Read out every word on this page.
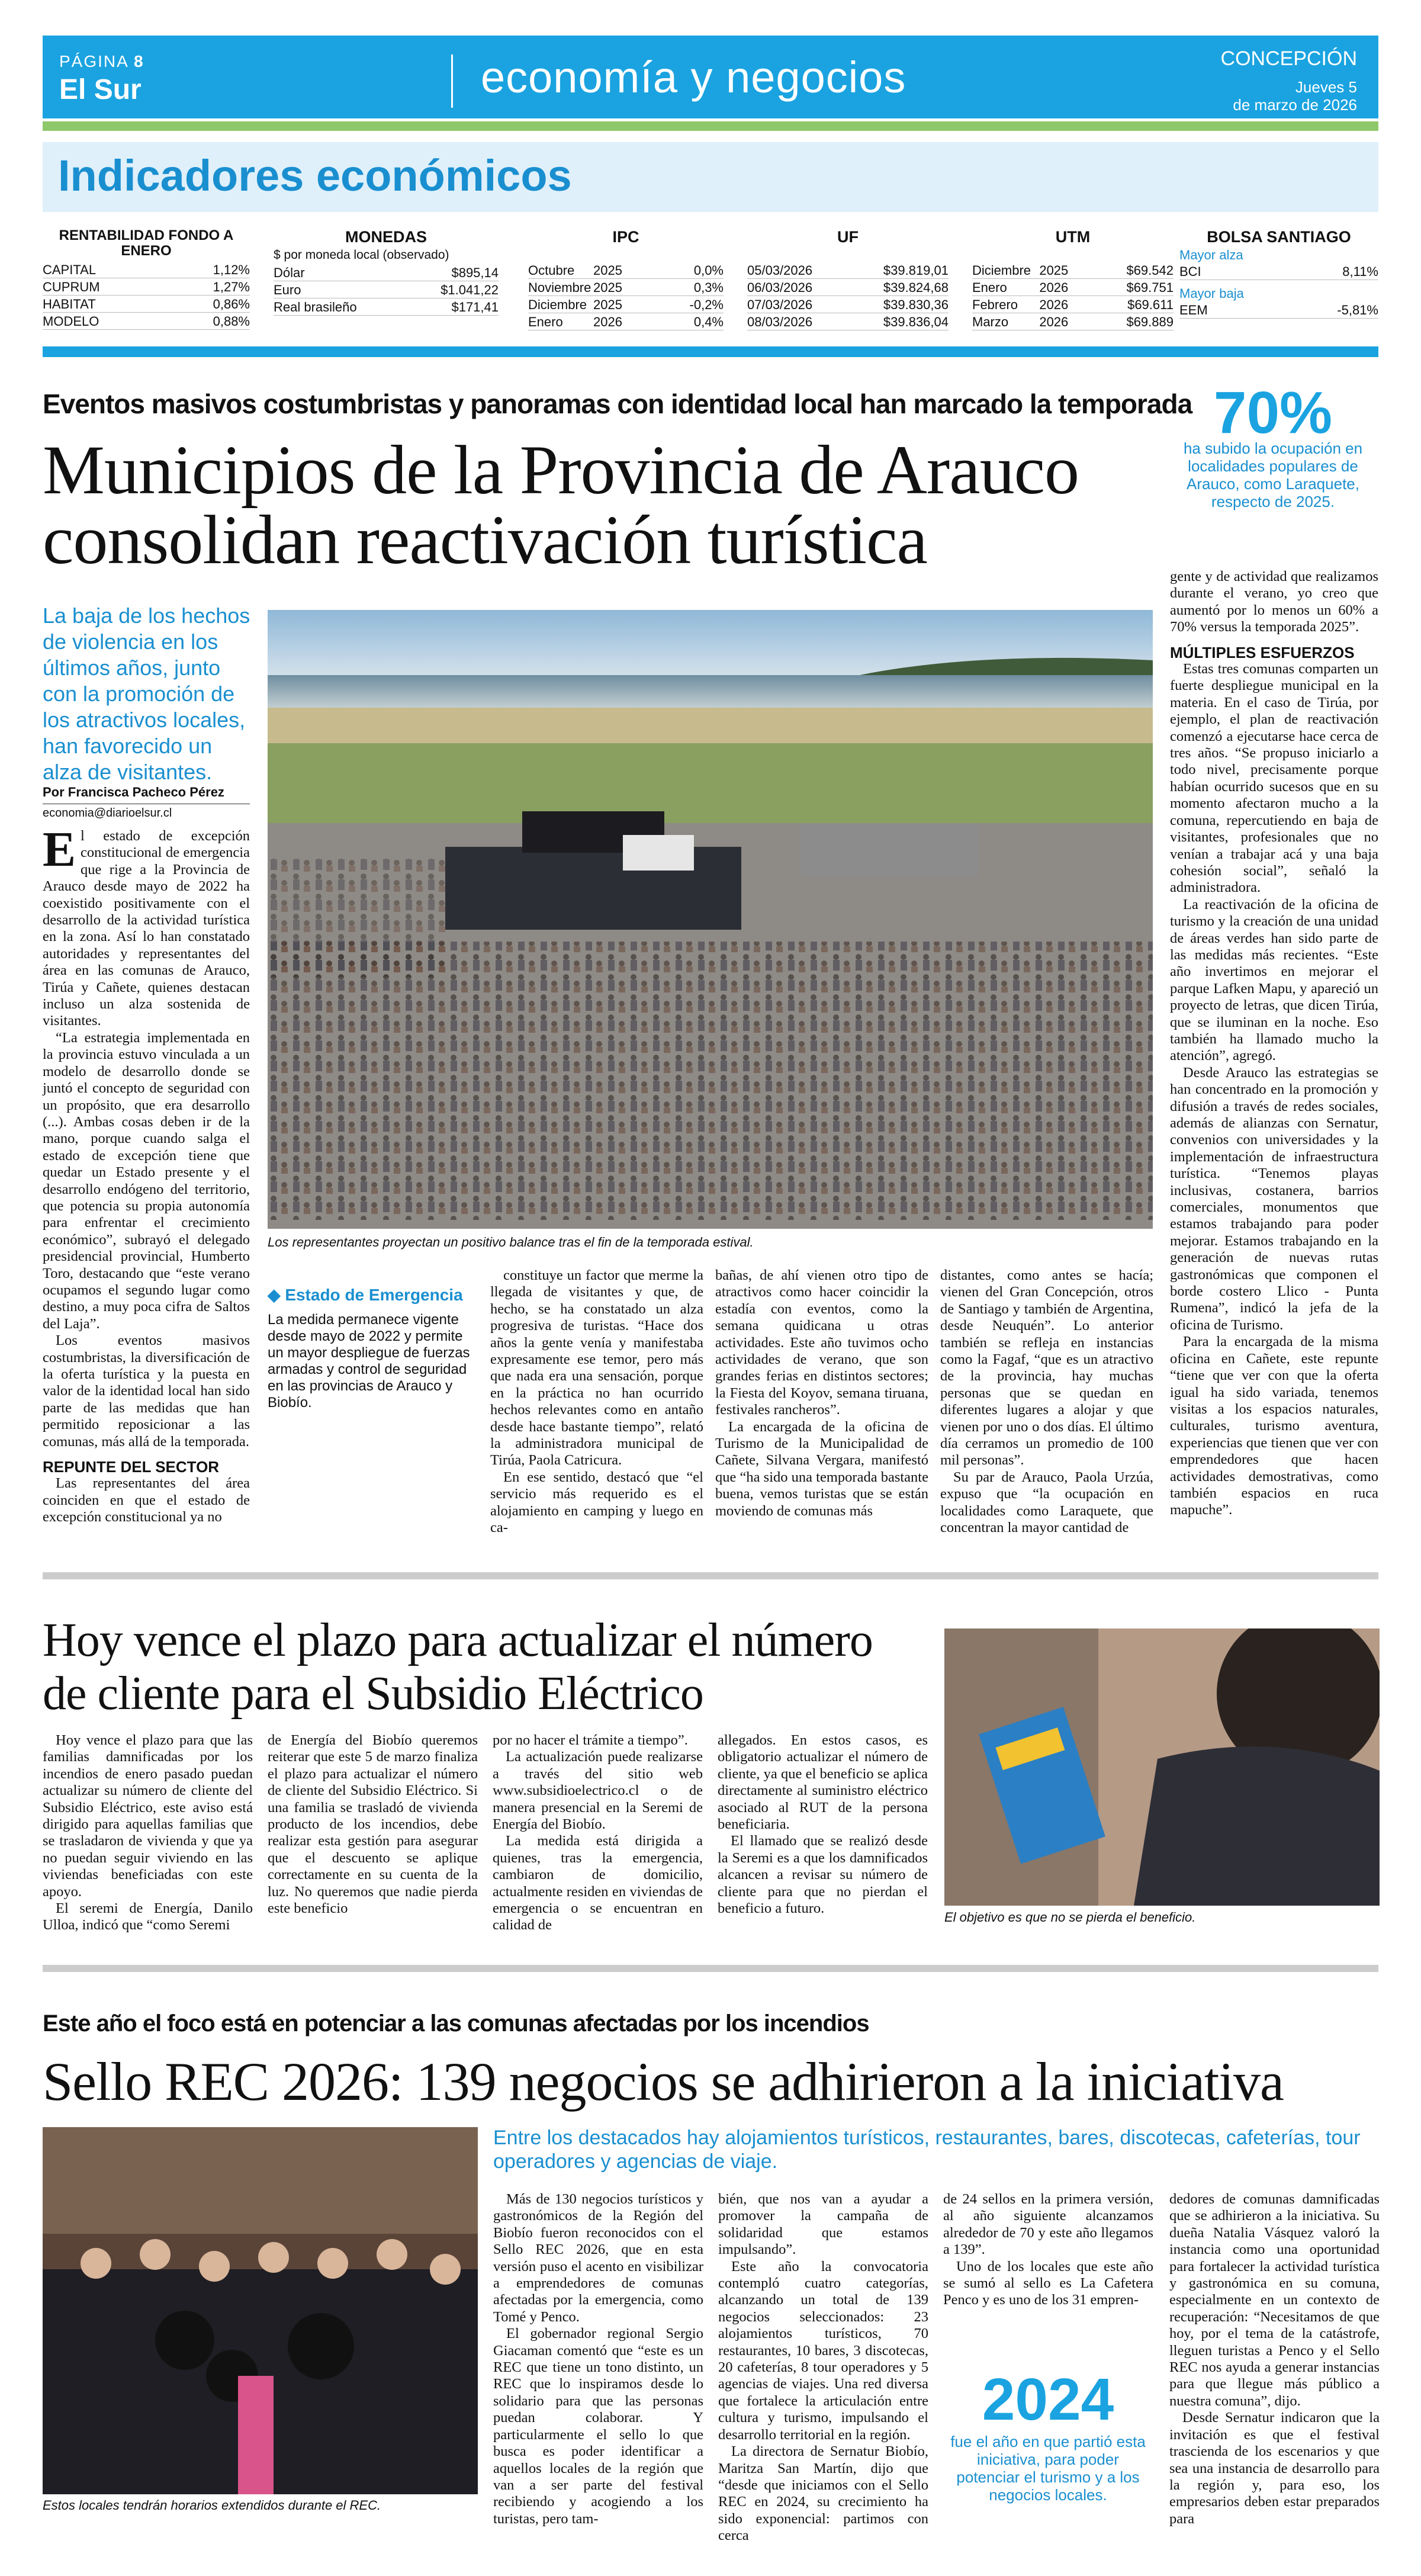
PÁGINA 8
El Sur	economía y negocios	CONCEPCIÓN
Jueves 5
de marzo de 2026
Indicadores económicos
RENTABILIDAD FONDO A ENERO
CAPITAL	1,12%
CUPRUM	1,27%
HABITAT	0,86%
MODELO	0,88%
MONEDAS
$ por moneda local (observado)
Dólar	$895,14
Euro	$1.041,22
Real brasileño	$171,41
IPC
Octubre	2025	0,0%
Noviembre 2025	0,3%
Diciembre 2025	-0,2%
Enero	2026	0,4%
UF
05/03/2026	$39.819,01
06/03/2026	$39.824,68
07/03/2026	$39.830,36
08/03/2026	$39.836,04
UTM
Diciembre 2025	$69.542
Enero	2026	$69.751
Febrero	2026	$69.611
Marzo	2026	$69.889
BOLSA SANTIAGO
Mayor alza
BCI	8,11%
Mayor baja
EEM	-5,81%
Eventos masivos costumbristas y panoramas con identidad local han marcado la temporada
Municipios de la Provincia de Arauco
consolidan reactivación turística
70%
ha subido la ocupación en localidades populares de Arauco, como Laraquete, respecto de 2025.
La baja de los hechos de violencia en los últimos años, junto con la promoción de los atractivos locales, han favorecido un alza de visitantes.
Por Francisca Pacheco Pérez
economia@diarioelsur.cl
Los representantes proyectan un positivo balance tras el fin de la temporada estival.

El estado de excepción constitucional de emergencia que rige a la Provincia de Arauco desde mayo de 2022 ha coexistido positivamente con el desarrollo de la actividad turística en la zona. Así lo han constatado autoridades y representantes del área en las comunas de Arauco, Tirúa y Cañete, quienes destacan incluso un alza sostenida de visitantes.

“La estrategia implementada en la provincia estuvo vinculada a un modelo de desarrollo donde se juntó el concepto de seguridad con un propósito, que era desarrollo (...). Ambas cosas deben ir de la mano, porque cuando salga el estado de excepción tiene que quedar un Estado presente y el desarrollo endógeno del territorio, que potencia su propia autonomía para enfrentar el crecimiento económico”, subrayó el delegado presidencial provincial, Humberto Toro, destacando que “este verano ocupamos el segundo lugar como destino, a muy poca cifra de Saltos del Laja”.

Los eventos masivos costumbristas, la diversificación de la oferta turística y la puesta en valor de la identidad local han sido parte de las medidas que han permitido reposicionar a las comunas, más allá de la temporada.

REPUNTE DEL SECTOR

Las representantes del área coinciden en que el estado de excepción constitucional ya no

◆ Estado de Emergencia
La medida permanece vigente desde mayo de 2022 y permite un mayor despliegue de fuerzas armadas y control de seguridad en las provincias de Arauco y Biobío.

constituye un factor que merme la llegada de visitantes y que, de hecho, se ha constatado un alza progresiva de turistas. “Hace dos años la gente venía y manifestaba expresamente ese temor, pero más que nada era una sensación, porque en la práctica no han ocurrido hechos relevantes como en antaño desde hace bastante tiempo”, relató la administradora municipal de Tirúa, Paola Catricura.

En ese sentido, destacó que “el servicio más requerido es el alojamiento en camping y luego en ca-

bañas, de ahí vienen otro tipo de atractivos como hacer coincidir la estadía con eventos, como la semana quidicana u otras actividades. Este año tuvimos ocho actividades de verano, que son grandes ferias en distintos sectores; la Fiesta del Koyov, semana tiruana, festivales rancheros”.

La encargada de la oficina de Turismo de la Municipalidad de Cañete, Silvana Vergara, manifestó que “ha sido una temporada bastante buena, vemos turistas que se están moviendo de comunas más

distantes, como antes se hacía; vienen del Gran Concepción, otros de Santiago y también de Argentina, desde Neuquén”. Lo anterior también se refleja en instancias como la Fagaf, “que es un atractivo de la provincia, hay muchas personas que se quedan en diferentes lugares a alojar y que vienen por uno o dos días. El último día cerramos un promedio de 100 mil personas”.

Su par de Arauco, Paola Urzúa, expuso que “la ocupación en localidades como Laraquete, que concentran la mayor cantidad de

gente y de actividad que realizamos durante el verano, yo creo que aumentó por lo menos un 60% a 70% versus la temporada 2025”.

MÚLTIPLES ESFUERZOS

Estas tres comunas comparten un fuerte despliegue municipal en la materia. En el caso de Tirúa, por ejemplo, el plan de reactivación comenzó a ejecutarse hace cerca de tres años. “Se propuso iniciarlo a todo nivel, precisamente porque habían ocurrido sucesos que en su momento afectaron mucho a la comuna, repercutiendo en baja de visitantes, profesionales que no venían a trabajar acá y una baja cohesión social”, señaló la administradora.

La reactivación de la oficina de turismo y la creación de una unidad de áreas verdes han sido parte de las medidas más recientes. “Este año invertimos en mejorar el parque Lafken Mapu, y apareció un proyecto de letras, que dicen Tirúa, que se iluminan en la noche. Eso también ha llamado mucho la atención”, agregó.

Desde Arauco las estrategias se han concentrado en la promoción y difusión a través de redes sociales, además de alianzas con Sernatur, convenios con universidades y la implementación de infraestructura turística. “Tenemos playas inclusivas, costanera, barrios comerciales, monumentos que estamos trabajando para poder mejorar. Estamos trabajando en la generación de nuevas rutas gastronómicas que componen el borde costero Llico - Punta Rumena”, indicó la jefa de la oficina de Turismo.

Para la encargada de la misma oficina en Cañete, este repunte “tiene que ver con que la oferta igual ha sido variada, tenemos visitas a los espacios naturales, culturales, turismo aventura, experiencias que tienen que ver con emprendedores que hacen actividades demostrativas, como también espacios en ruca mapuche”.

Hoy vence el plazo para actualizar el número
de cliente para el Subsidio Eléctrico

Hoy vence el plazo para que las familias damnificadas por los incendios de enero pasado puedan actualizar su número de cliente del Subsidio Eléctrico, este aviso está dirigido para aquellas familias que se trasladaron de vivienda y que ya no puedan seguir viviendo en las viviendas beneficiadas con este apoyo.

El seremi de Energía, Danilo Ulloa, indicó que “como Seremi

de Energía del Biobío queremos reiterar que este 5 de marzo finaliza el plazo para actualizar el número de cliente del Subsidio Eléctrico. Si una familia se trasladó de vivienda producto de los incendios, debe realizar esta gestión para asegurar que el descuento se aplique correctamente en su cuenta de la luz. No queremos que nadie pierda este beneficio

por no hacer el trámite a tiempo”.

La actualización puede realizarse a través del sitio web www.subsidioelectrico.cl o de manera presencial en la Seremi de Energía del Biobío.

La medida está dirigida a quienes, tras la emergencia, cambiaron de domicilio, actualmente residen en viviendas de emergencia o se encuentran en calidad de

allegados. En estos casos, es obligatorio actualizar el número de cliente, ya que el beneficio se aplica directamente al suministro eléctrico asociado al RUT de la persona beneficiaria.

El llamado que se realizó desde la Seremi es a que los damnificados alcancen a revisar su número de cliente para que no pierdan el beneficio a futuro.

El objetivo es que no se pierda el beneficio.
Este año el foco está en potenciar a las comunas afectadas por los incendios
Sello REC 2026: 139 negocios se adhirieron a la iniciativa
Entre los destacados hay alojamientos turísticos, restaurantes, bares, discotecas, cafeterías, tour operadores y agencias de viaje.
Estos locales tendrán horarios extendidos durante el REC.

Más de 130 negocios turísticos y gastronómicos de la Región del Biobío fueron reconocidos con el Sello REC 2026, que en esta versión puso el acento en visibilizar a emprendedores de comunas afectadas por la emergencia, como Tomé y Penco.

El gobernador regional Sergio Giacaman comentó que “este es un REC que tiene un tono distinto, un REC que lo inspiramos desde lo solidario para que las personas puedan colaborar. Y particularmente el sello lo que busca es poder identificar a aquellos locales de la región que van a ser parte del festival recibiendo y acogiendo a los turistas, pero tam-

bién, que nos van a ayudar a promover la campaña de solidaridad que estamos impulsando”.

Este año la convocatoria contempló cuatro categorías, alcanzando un total de 139 negocios seleccionados: 23 alojamientos turísticos, 70 restaurantes, 10 bares, 3 discotecas, 20 cafeterías, 8 tour operadores y 5 agencias de viajes. Una red diversa que fortalece la articulación entre cultura y turismo, impulsando el desarrollo territorial en la región.

La directora de Sernatur Biobío, Maritza San Martín, dijo que “desde que iniciamos con el Sello REC en 2024, su crecimiento ha sido exponencial: partimos con cerca

de 24 sellos en la primera versión, al año siguiente alcanzamos alrededor de 70 y este año llegamos a 139”.

Uno de los locales que este año se sumó al sello es La Cafetera Penco y es uno de los 31 empren-

2024
fue el año en que partió esta iniciativa, para poder potenciar el turismo y a los negocios locales.

dedores de comunas damnificadas que se adhirieron a la iniciativa. Su dueña Natalia Vásquez valoró la instancia como una oportunidad para fortalecer la actividad turística y gastronómica en su comuna, especialmente en un contexto de recuperación: “Necesitamos de que hoy, por el tema de la catástrofe, lleguen turistas a Penco y el Sello REC nos ayuda a generar instancias para que llegue más público a nuestra comuna”, dijo.

Desde Sernatur indicaron que la invitación es que el festival trascienda de los escenarios y que sea una instancia de desarrollo para la región y, para eso, los empresarios deben estar preparados para
